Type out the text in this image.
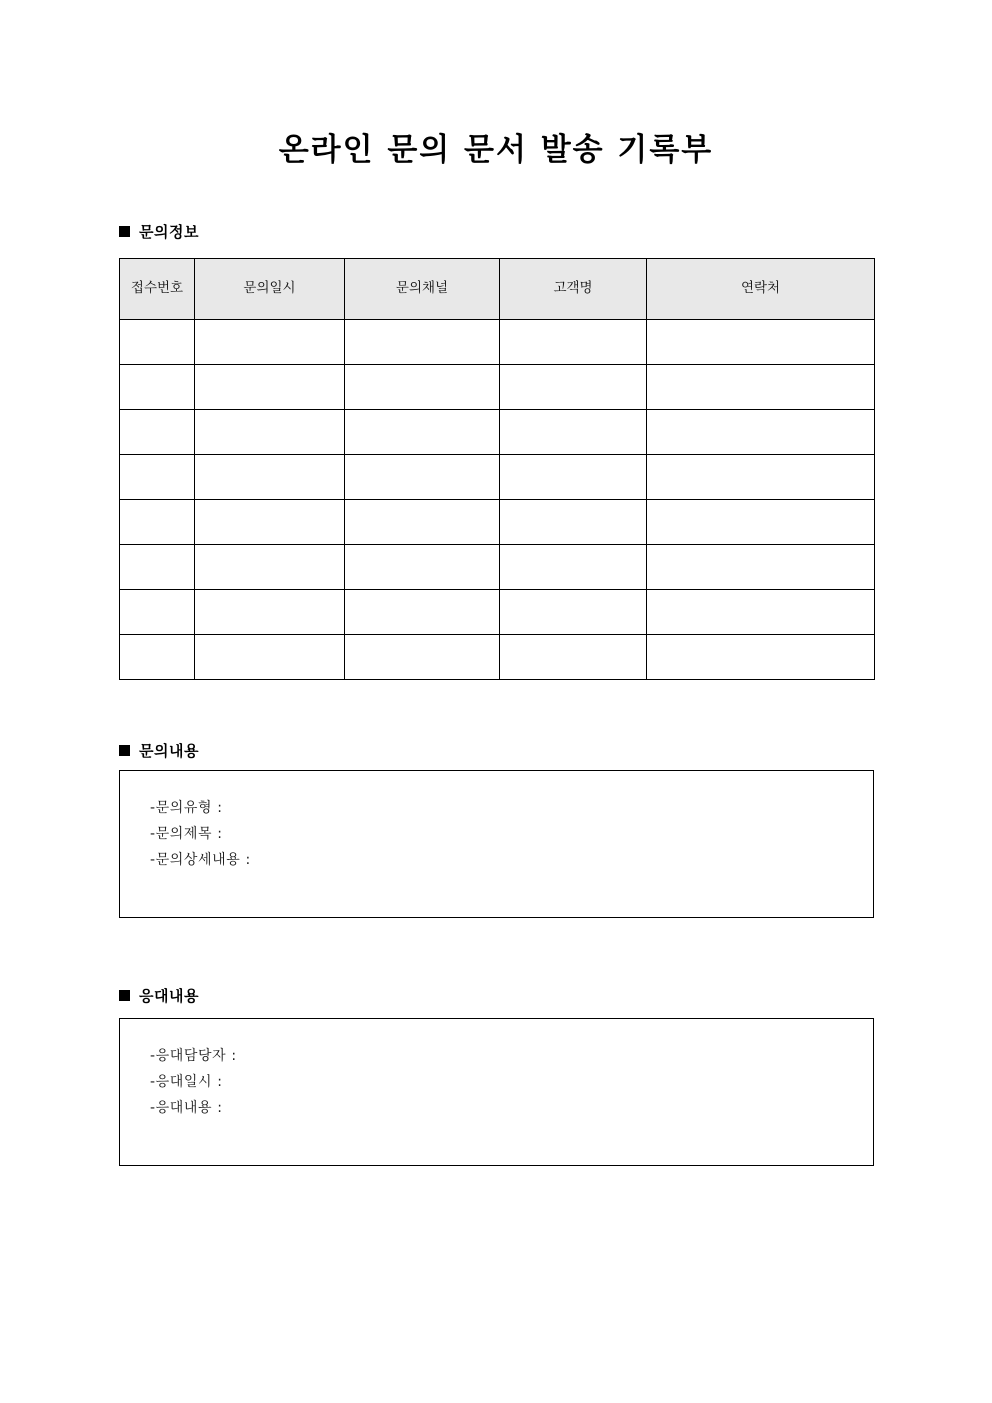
온라인 문의 문서 발송 기록부
문의정보
접수번호	문의일시	문의채널	고객명	연락처

문의내용
-문의유형 :
-문의제목 :
-문의상세내용 :
응대내용
-응대담당자 :
-응대일시 :
-응대내용 :
